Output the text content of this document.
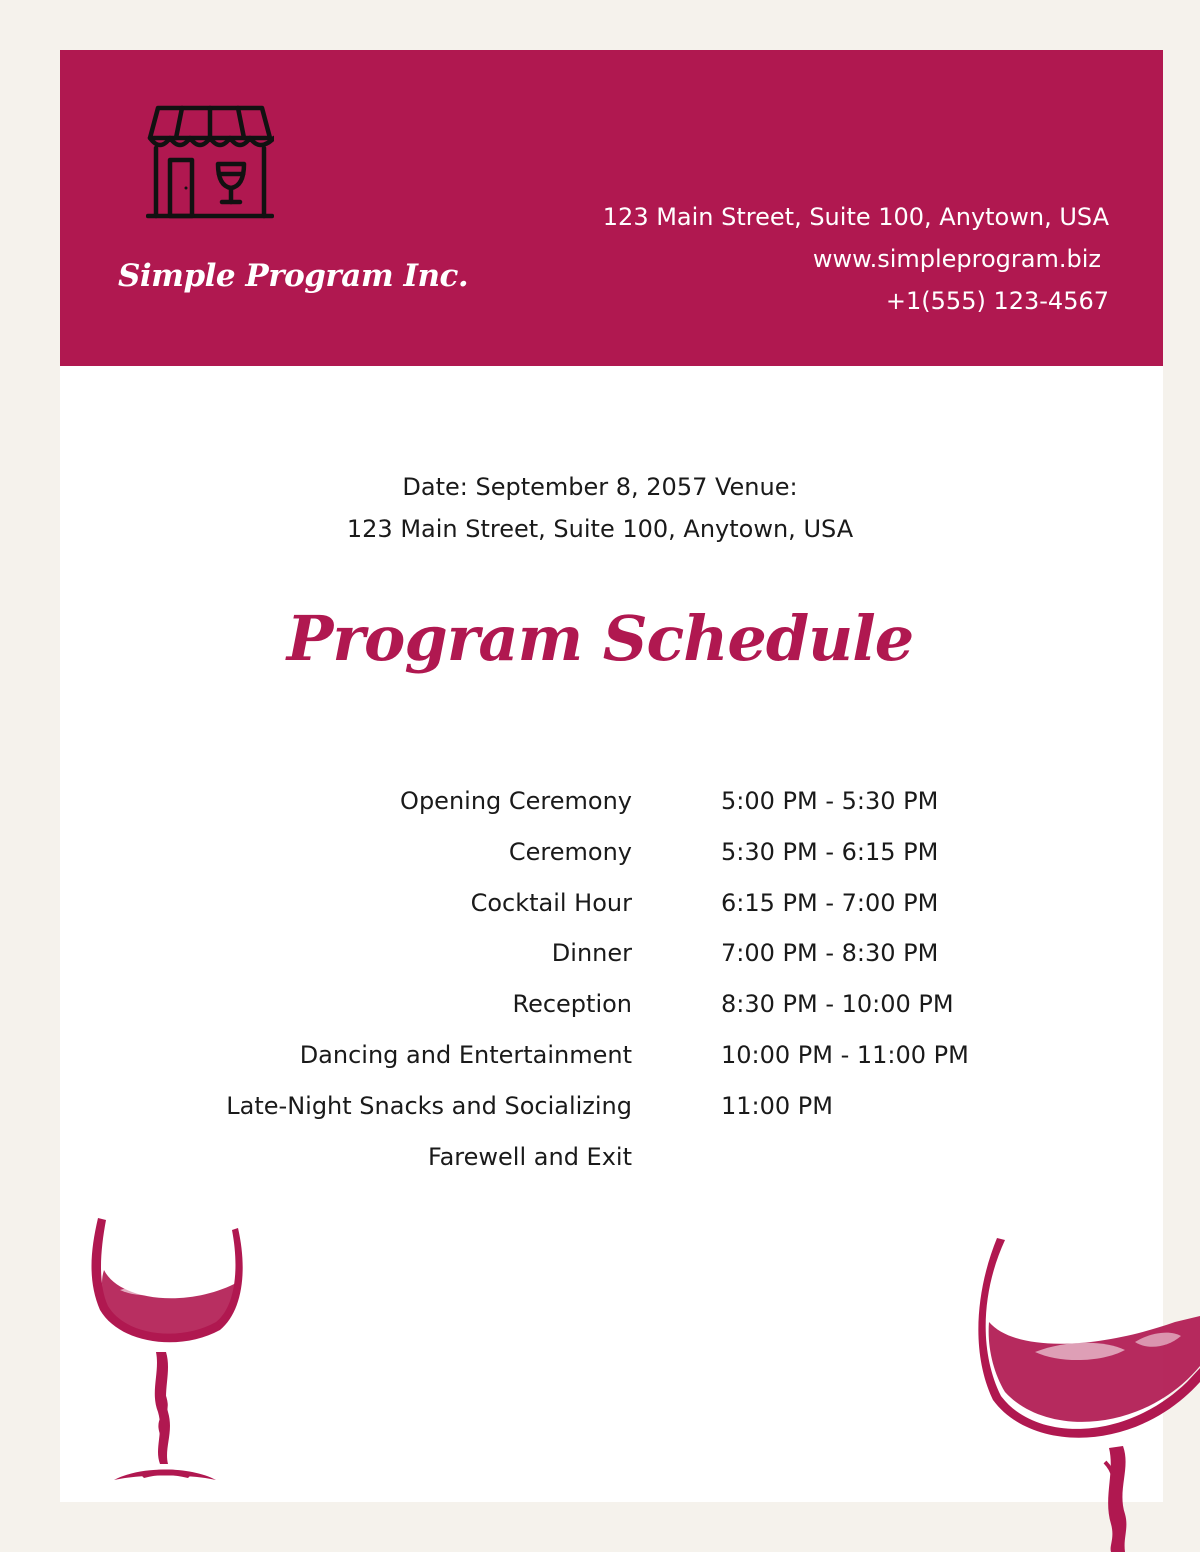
Simple Program Inc.
123 Main Street, Suite 100, Anytown, USA
www.simpleprogram.biz
+1(555) 123-4567
Date: September 8, 2057 Venue:
123 Main Street, Suite 100, Anytown, USA
Program Schedule
Opening Ceremony	5:00 PM - 5:30 PM
Ceremony	5:30 PM - 6:15 PM
Cocktail Hour	6:15 PM - 7:00 PM
Dinner	7:00 PM - 8:30 PM
Reception	8:30 PM - 10:00 PM
Dancing and Entertainment	10:00 PM - 11:00 PM
Late-Night Snacks and Socializing	11:00 PM
Farewell and Exit
